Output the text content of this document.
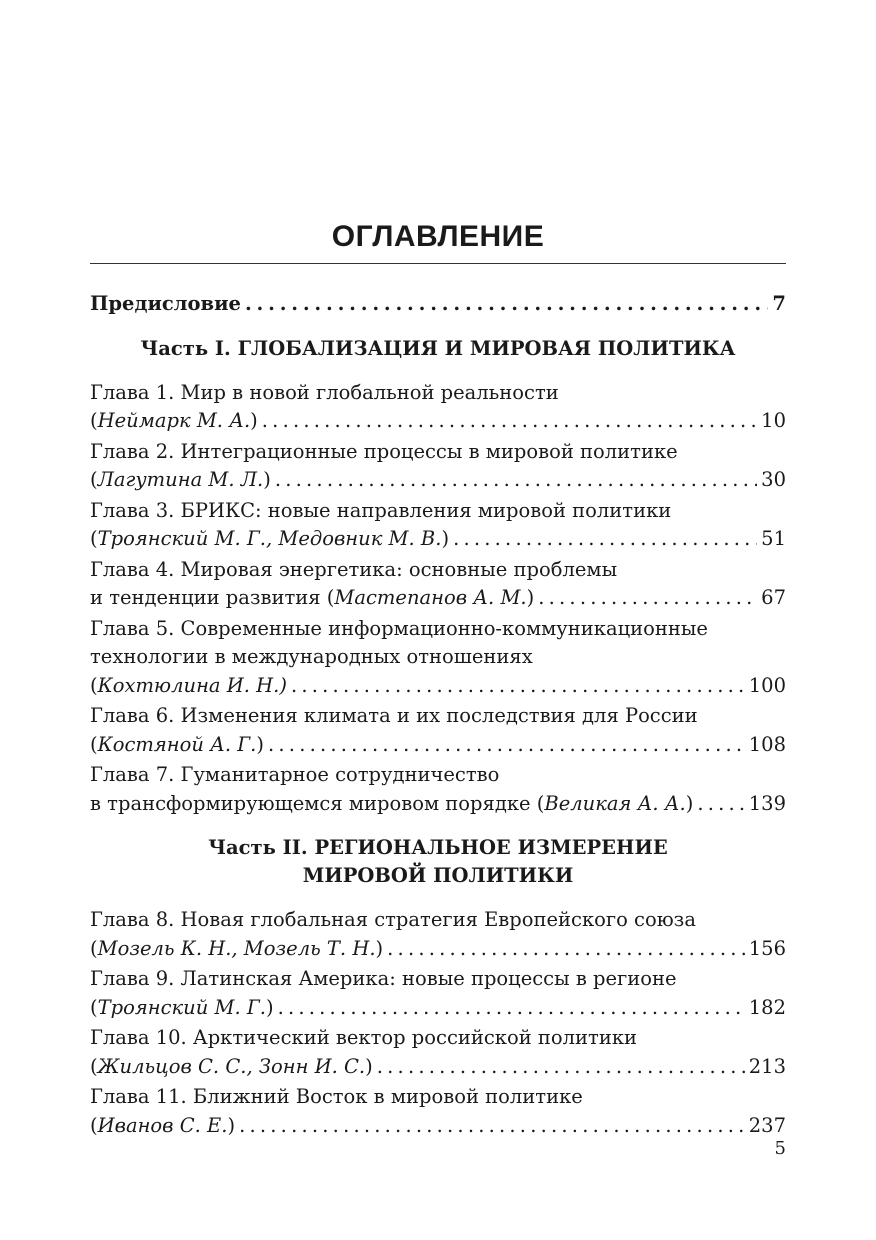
ОГЛАВЛЕНИЕ
Предисловие . . .	7
Часть I. ГЛОБАЛИЗАЦИЯ И МИРОВАЯ ПОЛИТИКА
Глава 1. Мир в новой глобальной реальности
(Неймарк М. А.) . . .	10
Глава 2. Интеграционные процессы в мировой политике
(Лагутина М. Л.) . . .	30
Глава 3. БРИКС: новые направления мировой политики
(Троянский М. Г., Медовник М. В.) . . .	51
Глава 4. Мировая энергетика: основные проблемы
и тенденции развития (Мастепанов А. М.) . . .	67
Глава 5. Современные информационно-коммуникационные
технологии в международных отношениях
(Кохтюлина И. Н.) . . .	100
Глава 6. Изменения климата и их последствия для России
(Костяной А. Г.) . . .	108
Глава 7. Гуманитарное сотрудничество
в трансформирующемся мировом порядке (Великая А. А.) . . .	139
Часть II. РЕГИОНАЛЬНОЕ ИЗМЕРЕНИЕ
МИРОВОЙ ПОЛИТИКИ
Глава 8. Новая глобальная стратегия Европейского союза
(Мозель К. Н., Мозель Т. Н.) . . .	156
Глава 9. Латинская Америка: новые процессы в регионе
(Троянский М. Г.) . . .	182
Глава 10. Арктический вектор российской политики
(Жильцов С. С., Зонн И. С.) . . .	213
Глава 11. Ближний Восток в мировой политике
(Иванов С. Е.) . . .	237
5
